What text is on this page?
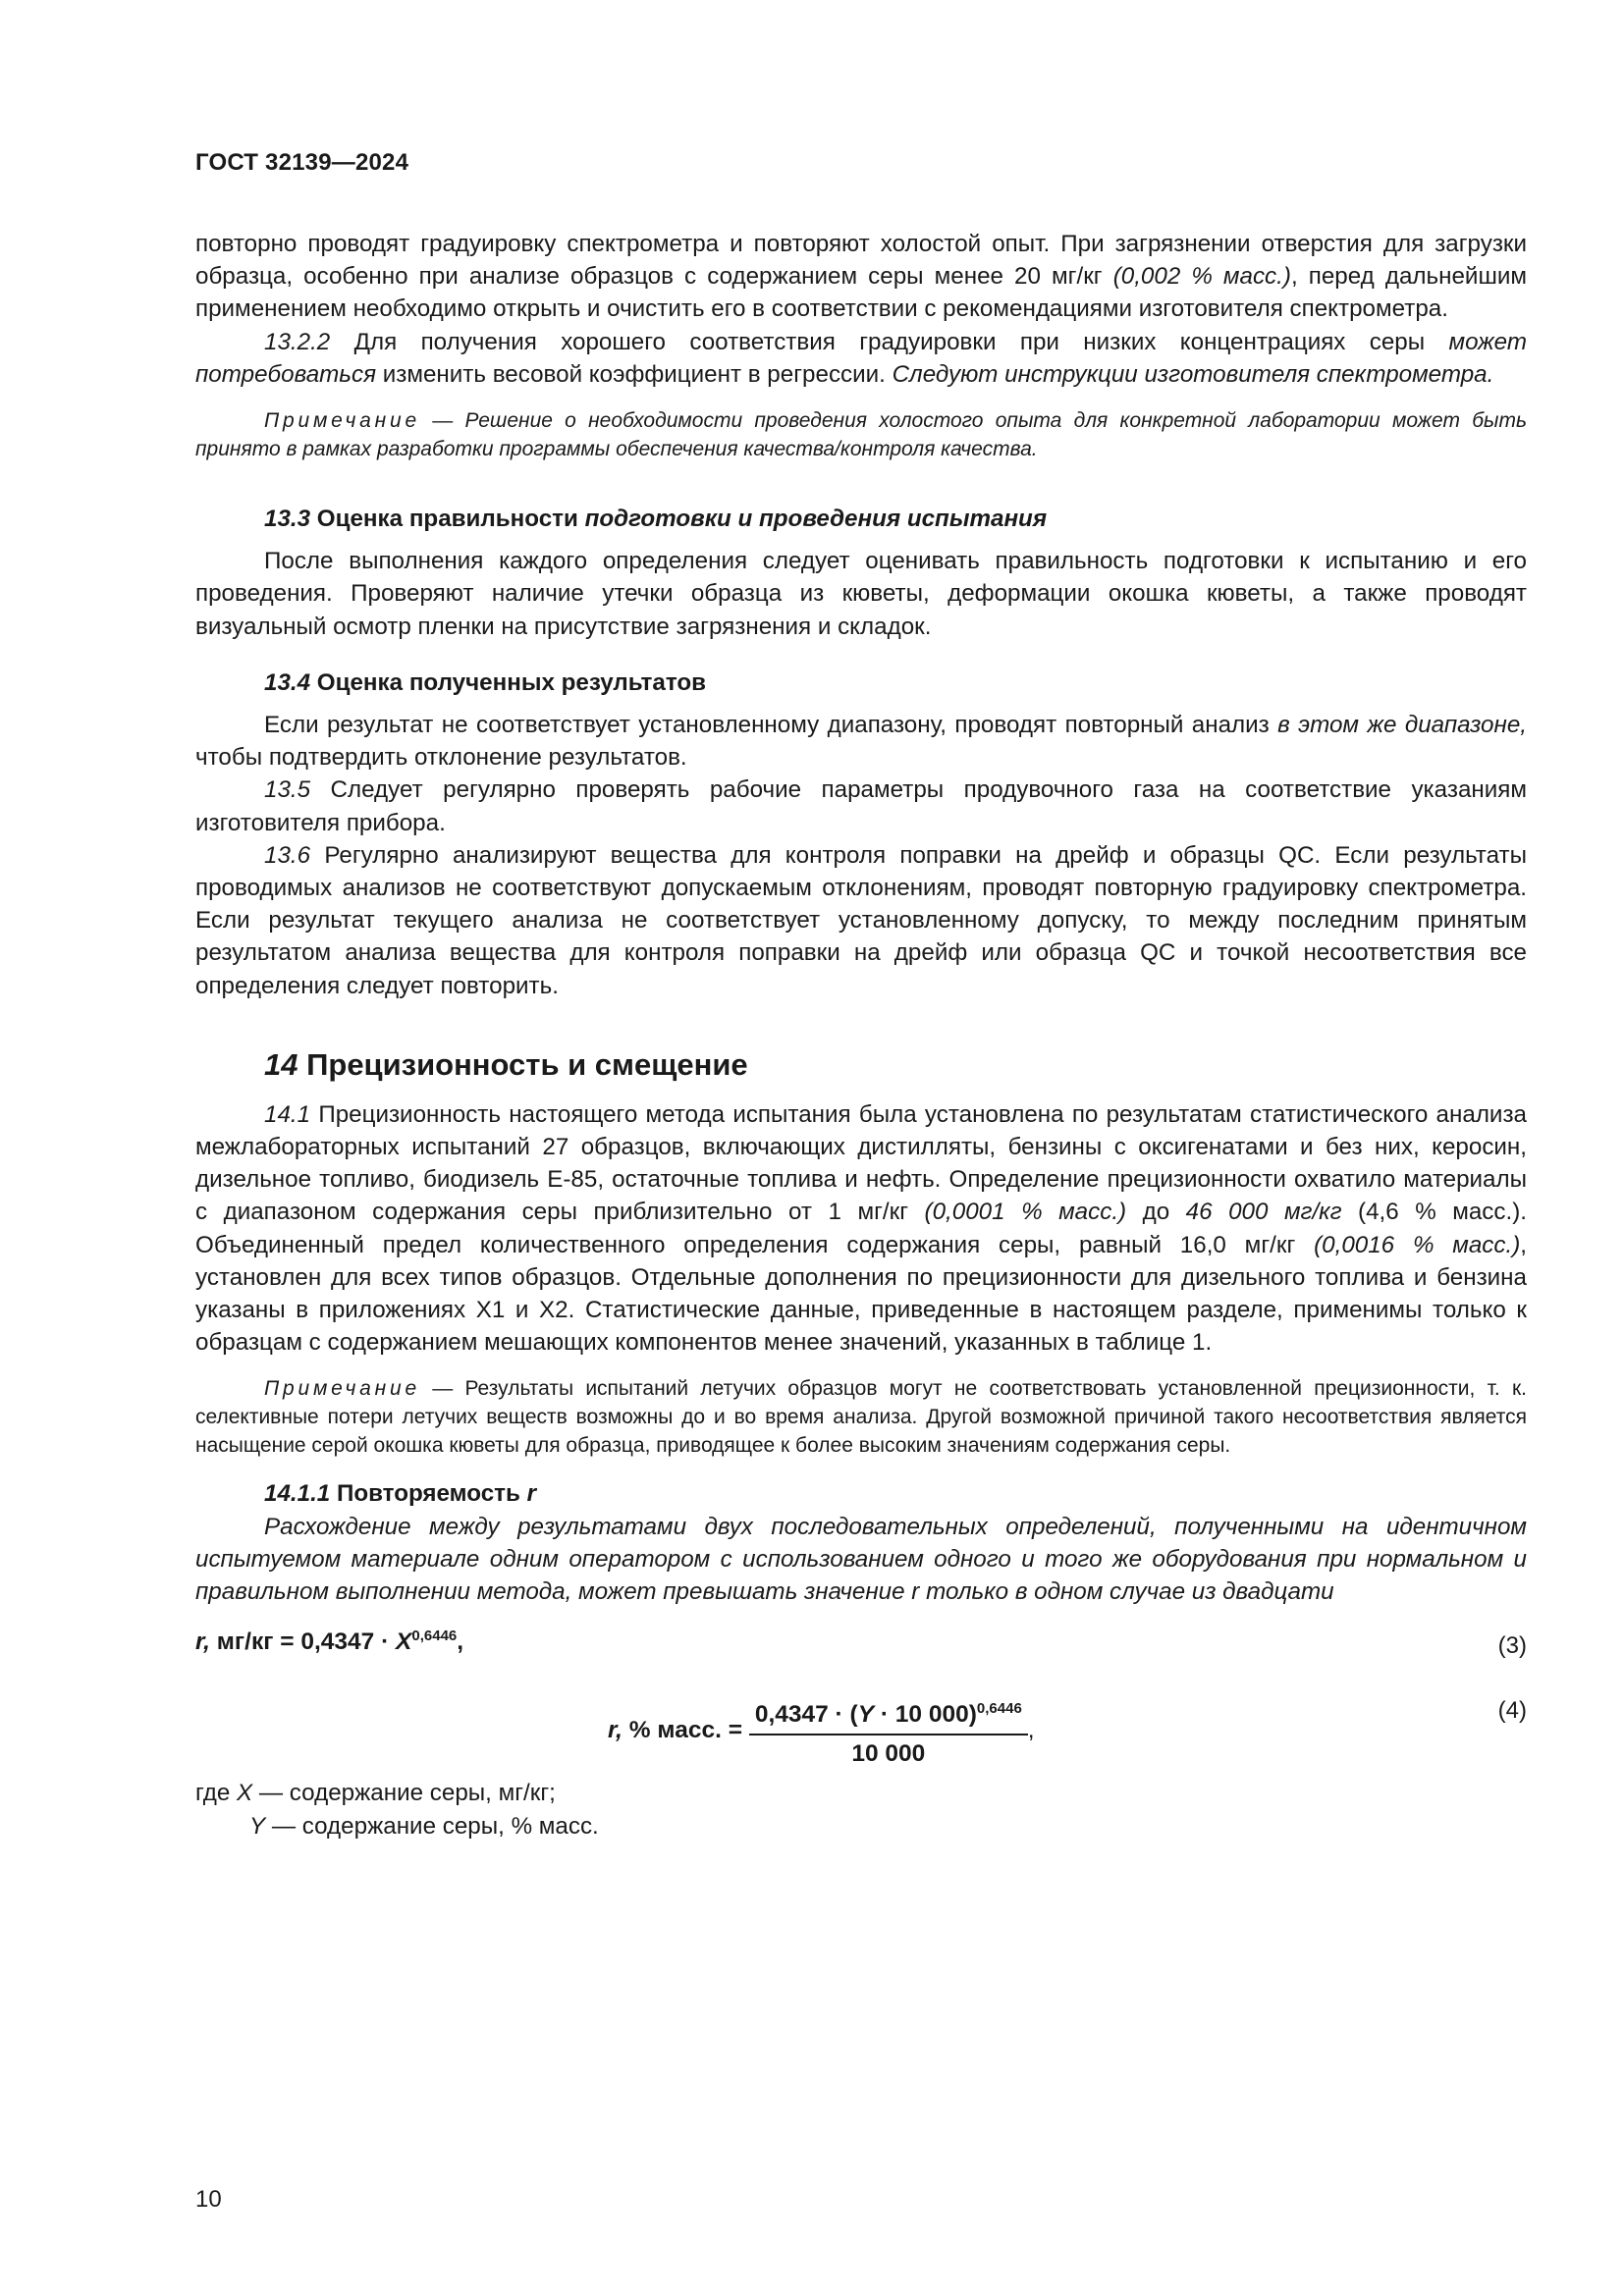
ГОСТ 32139—2024

повторно проводят градуировку спектрометра и повторяют холостой опыт. При загрязнении отверстия для загрузки образца, особенно при анализе образцов с содержанием серы менее 20 мг/кг (0,002 % масс.), перед дальнейшим применением необходимо открыть и очистить его в соответствии с рекомендациями изготовителя спектрометра.

13.2.2 Для получения хорошего соответствия градуировки при низких концентрациях серы может потребоваться изменить весовой коэффициент в регрессии. Следуют инструкции изготовителя спектрометра.

Примечание — Решение о необходимости проведения холостого опыта для конкретной лаборатории может быть принято в рамках разработки программы обеспечения качества/контроля качества.

13.3 Оценка правильности подготовки и проведения испытания

После выполнения каждого определения следует оценивать правильность подготовки к испытанию и его проведения. Проверяют наличие утечки образца из кюветы, деформации окошка кюветы, а также проводят визуальный осмотр пленки на присутствие загрязнения и складок.

13.4 Оценка полученных результатов

Если результат не соответствует установленному диапазону, проводят повторный анализ в этом же диапазоне, чтобы подтвердить отклонение результатов.

13.5 Следует регулярно проверять рабочие параметры продувочного газа на соответствие указаниям изготовителя прибора.

13.6 Регулярно анализируют вещества для контроля поправки на дрейф и образцы QC. Если результаты проводимых анализов не соответствуют допускаемым отклонениям, проводят повторную градуировку спектрометра. Если результат текущего анализа не соответствует установленному допуску, то между последним принятым результатом анализа вещества для контроля поправки на дрейф или образца QC и точкой несоответствия все определения следует повторить.

14 Прецизионность и смещение

14.1 Прецизионность настоящего метода испытания была установлена по результатам статистического анализа межлабораторных испытаний 27 образцов, включающих дистилляты, бензины с оксигенатами и без них, керосин, дизельное топливо, биодизель Е-85, остаточные топлива и нефть. Определение прецизионности охватило материалы с диапазоном содержания серы приблизительно от 1 мг/кг (0,0001 % масс.) до 46 000 мг/кг (4,6 % масс.). Объединенный предел количественного определения содержания серы, равный 16,0 мг/кг (0,0016 % масс.), установлен для всех типов образцов. Отдельные дополнения по прецизионности для дизельного топлива и бензина указаны в приложениях X1 и X2. Статистические данные, приведенные в настоящем разделе, применимы только к образцам с содержанием мешающих компонентов менее значений, указанных в таблице 1.

Примечание — Результаты испытаний летучих образцов могут не соответствовать установленной прецизионности, т. к. селективные потери летучих веществ возможны до и во время анализа. Другой возможной причиной такого несоответствия является насыщение серой окошка кюветы для образца, приводящее к более высоким значениям содержания серы.

14.1.1 Повторяемость r

Расхождение между результатами двух последовательных определений, полученными на идентичном испытуемом материале одним оператором с использованием одного и того же оборудования при нормальном и правильном выполнении метода, может превышать значение r только в одном случае из двадцати

r, $мг/кг = 0,4347 \cdot X^{0,6446}$,	(3)
r, % масс. = $\frac{0,4347 \cdot (Y \cdot 10 000)^{0,6446}}{10 000}$ ,
(4)

где X — содержание серы, мг/кг;

Y — содержание серы, % масс.

10
